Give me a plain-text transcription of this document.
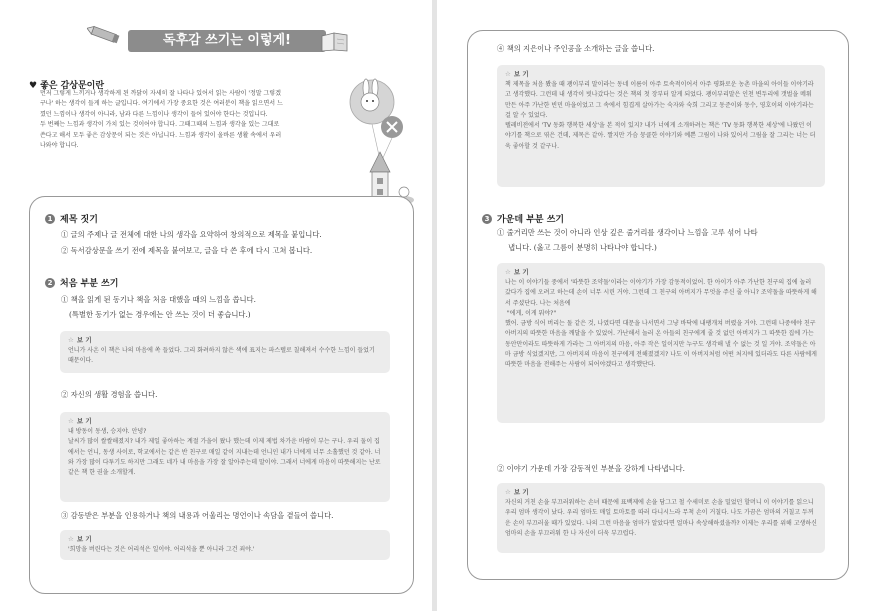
독후감 쓰기는 이렇게!
♥ 좋은 감상문이란
먼저 그렇게 느끼거나 생각하게 된 까닭이 자세히 잘 나타나 있어서 읽는 사람이 '정말 그렇겠구나' 하는 생각이 들게 하는 글입니다. 여기에서 가장 중요한 것은 여러분이 책을 읽으면서 느꼈던 느낌이나 생각이 아니라, 남과 다른 느낌이나 생각이 들어 있어야 한다는 것입니다.
두 번째는 느낌과 생각이 가치 있는 것이어야 합니다. 그때그때의 느낌과 생각을 있는 그대로 쓴다고 해서 모두 좋은 감상문이 되는 것은 아닙니다. 느낌과 생각이 올바른 생활 속에서 우러나와야 합니다.
1 제목 짓기
① 글의 주제나 글 전체에 대한 나의 생각을 요약하여 창의적으로 제목을 붙입니다.
② 독서감상문을 쓰기 전에 제목을 붙여보고, 글을 다 쓴 후에 다시 고쳐 봅니다.
2 처음 부분 쓰기
① 책을 읽게 된 동기나 책을 처음 대했을 때의 느낌을 씁니다.
(특별한 동기가 없는 경우에는 안 쓰는 것이 더 좋습니다.)
☆ 보 기
언니가 사온 이 책은 나의 마음에 쏙 들었다. 그리 화려하지 않은 색에 표지는 파스텔로 칠해져서 수수한 느낌이 들었기 때문이다.
② 자신의 생활 경험을 씁니다.
☆ 보 기
내 방동이 동생, 승지야. 안녕?
날씨가 많이 쌀쌀해졌지? 내가 제일 좋아하는 계절 가을이 왔나 했는데 이제 제법 차가운 바람이 부는 구나. 우리 둘이 집에서는 언니, 동생 사이로, 학교에서는 같은 반 친구로 매일 같이 지내는데 언니인 내가 너에게 너무 소홀했던 것 같아. 너와 가장 많이 다투기도 하지만 그래도 네가 내 마음을 가장 잘 알아주는데 말이야. 그래서 너에게 마음이 따뜻해지는 난로 같은 책 한 권을 소개할게.
③ 감동받은 부분을 인용하거나 책의 내용과 어울리는 명언이나 속담을 곁들여 씁니다.
☆ 보 기
'희망을 버린다는 것은 어리석은 일이야. 어리석을 뿐 아니라 그건 죄야.'
④ 책의 지은이나 주인공을 소개하는 글을 씁니다.
☆ 보 기
책 제목을 처음 봤을 때 괭이부리 말이라는 동네 이름이 아주 토속적이어서 아주 평화로운 농촌 마을의 아이들 이야기라고 생각했다. 그런데 내 생각이 빗나갔다는 것은 책의 첫 장부터 알게 되었다. 괭이부리말은 인천 변두리에 갯벌을 메워 만든 아주 가난한 빈민 마을이었고 그 속에서 힘겹게 살아가는 숙자와 숙희 그리고 동준이와 동수, 영호이의 이야기라는 걸 알 수 있었다.
텔레비전에서 'TV 동화 행복한 세상'을 본 적이 있지? 내가 너에게 소개하려는 책은 'TV 동화 행복한 세상'에 나왔던 이야기를 책으로 엮은 건데, 제목은 같아. 짤지만 가슴 뭉클한 이야기와 예쁜 그림이 나와 있어서 그림을 잘 그리는 너는 더욱 좋아할 것 같구나.
3 가운데 부분 쓰기
① 줄거리만 쓰는 것이 아니라 인상 깊은 줄거리를 생각이나 느낌을 고루 섞어 나타
냅니다. (옳고 그름이 분명히 나타나야 합니다.)
☆ 보 기
나는 이 이야기들 중에서 '따뜻한 조약돌'이라는 이야기가 가장 감동적이었어. 한 아이가 아주 가난한 친구의 집에 놀러 갔다가 집에 오려고 하는데 손이 너무 시린 거야. 그런데 그 친구의 아버지가 무엇을 주신 줄 아니? 조약돌을 따뜻하게 해서 주셨단다. 나는 처음에
"에게, 이게 뭐야?"
했어. 금방 식어 버리는 돌 같은 것, 나였다면 대문을 나서면서 그냥 바닥에 내팽개쳐 버렸을 거야. 그런데 나중에야 친구 아버지의 따뜻한 마음을 깨달을 수 있었어. 가난해서 놀러 온 아들의 친구에게 줄 것 없던 아버지가 그 따뜻한 집에 가는 동안만이라도 따뜻하게 가라는 그 아버지의 마음, 아주 작은 일이지만 누구도 생각해 낼 수 없는 것 일 거야. 조약돌은 아마 금방 식었겠지만, 그 아버지의 마음이 친구에게 전해졌겠지? 나도 이 아버지처럼 어떤 처지에 있더라도 다른 사람에게 따뜻한 마음을 전해주는 사람이 되어야겠다고 생각했단다.
② 이야기 가운데 가장 감동적인 부분을 강하게 나타냅니다.
☆ 보 기
자신의 거친 손을 부끄러워하는 손녀 때문에 표백제에 손을 담그고 철 수세미로 손을 밀었던 할머니 이 이야기를 읽으니 우리 엄마 생각이 났다. 우리 엄마도 매일 토마토를 따러 다니시느라 무척 손이 거칠다. 나도 가끔은 엄마의 거칠고 두꺼운 손이 부끄러울 때가 있었다. 나의 그런 마음을 엄마가 알았다면 얼마나 속상해하셨을까? 이제는 우리를 위해 고생하신 엄마의 손을 부끄러워 한 나 자신이 더욱 부끄럽다.
